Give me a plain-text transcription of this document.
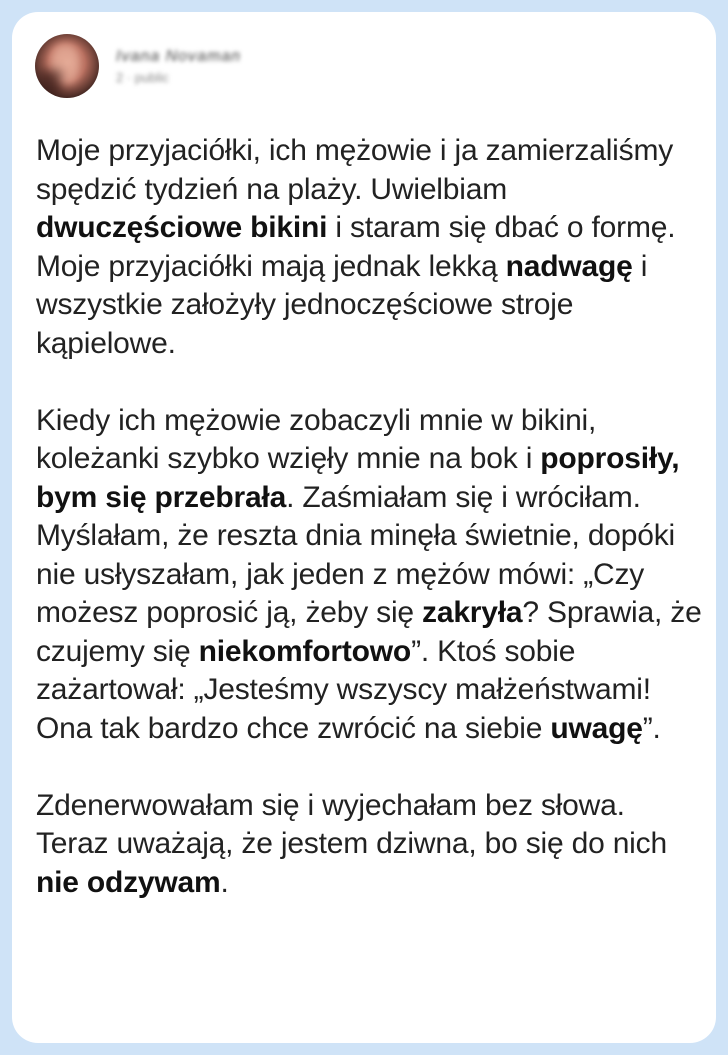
Ivana Novaman
2 · public

Moje przyjaciółki, ich mężowie i ja zamierzaliśmy spędzić tydzień na plaży. Uwielbiam dwuczęściowe bikini i staram się dbać o formę. Moje przyjaciółki mają jednak lekką nadwagę i wszystkie założyły jednoczęściowe stroje kąpielowe.

Kiedy ich mężowie zobaczyli mnie w bikini, koleżanki szybko wzięły mnie na bok i poprosiły, bym się przebrała. Zaśmiałam się i wróciłam. Myślałam, że reszta dnia minęła świetnie, dopóki nie usłyszałam, jak jeden z mężów mówi: „Czy możesz poprosić ją, żeby się zakryła? Sprawia, że czujemy się niekomfortowo”. Ktoś sobie zażartował: „Jesteśmy wszyscy małżeństwami! Ona tak bardzo chce zwrócić na siebie uwagę”.

Zdenerwowałam się i wyjechałam bez słowa. Teraz uważają, że jestem dziwna, bo się do nich nie odzywam.
